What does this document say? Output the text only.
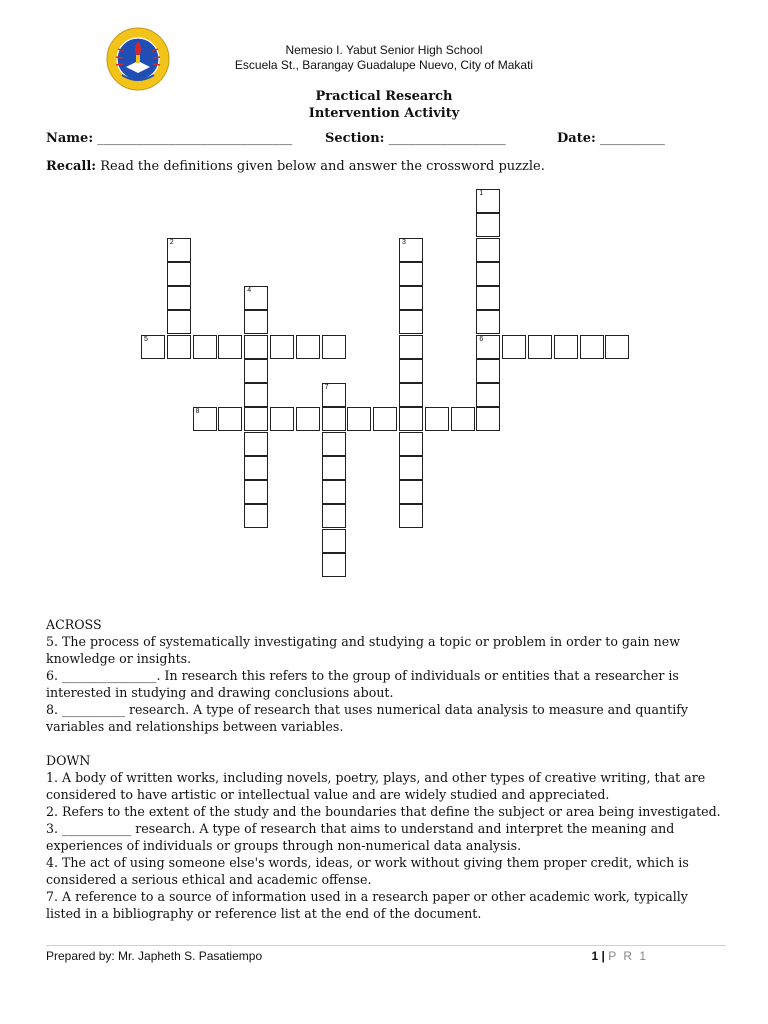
Nemesio I. Yabut Senior High School
Escuela St., Barangay Guadalupe Nuevo, City of Makati
Practical Research
Intervention Activity
Name: ______________________________	Section: __________________	Date: __________
Recall: Read the definitions given below and answer the crossword puzzle.
1
6
2	3
4
5
7
8

ACROSS

5. The process of systematically investigating and studying a topic or problem in order to gain new knowledge or insights.

6. _______________. In research this refers to the group of individuals or entities that a researcher is interested in studying and drawing conclusions about.

8. __________ research. A type of research that uses numerical data analysis to measure and quantify variables and relationships between variables.

DOWN

1. A body of written works, including novels, poetry, plays, and other types of creative writing, that are considered to have artistic or intellectual value and are widely studied and appreciated.

2. Refers to the extent of the study and the boundaries that define the subject or area being investigated.

3. ___________ research. A type of research that aims to understand and interpret the meaning and experiences of individuals or groups through non-numerical data analysis.

4. The act of using someone else's words, ideas, or work without giving them proper credit, which is considered a serious ethical and academic offense.

7. A reference to a source of information used in a research paper or other academic work, typically listed in a bibliography or reference list at the end of the document.

Prepared by: Mr. Japheth S. Pasatiempo	1 | P R 1
